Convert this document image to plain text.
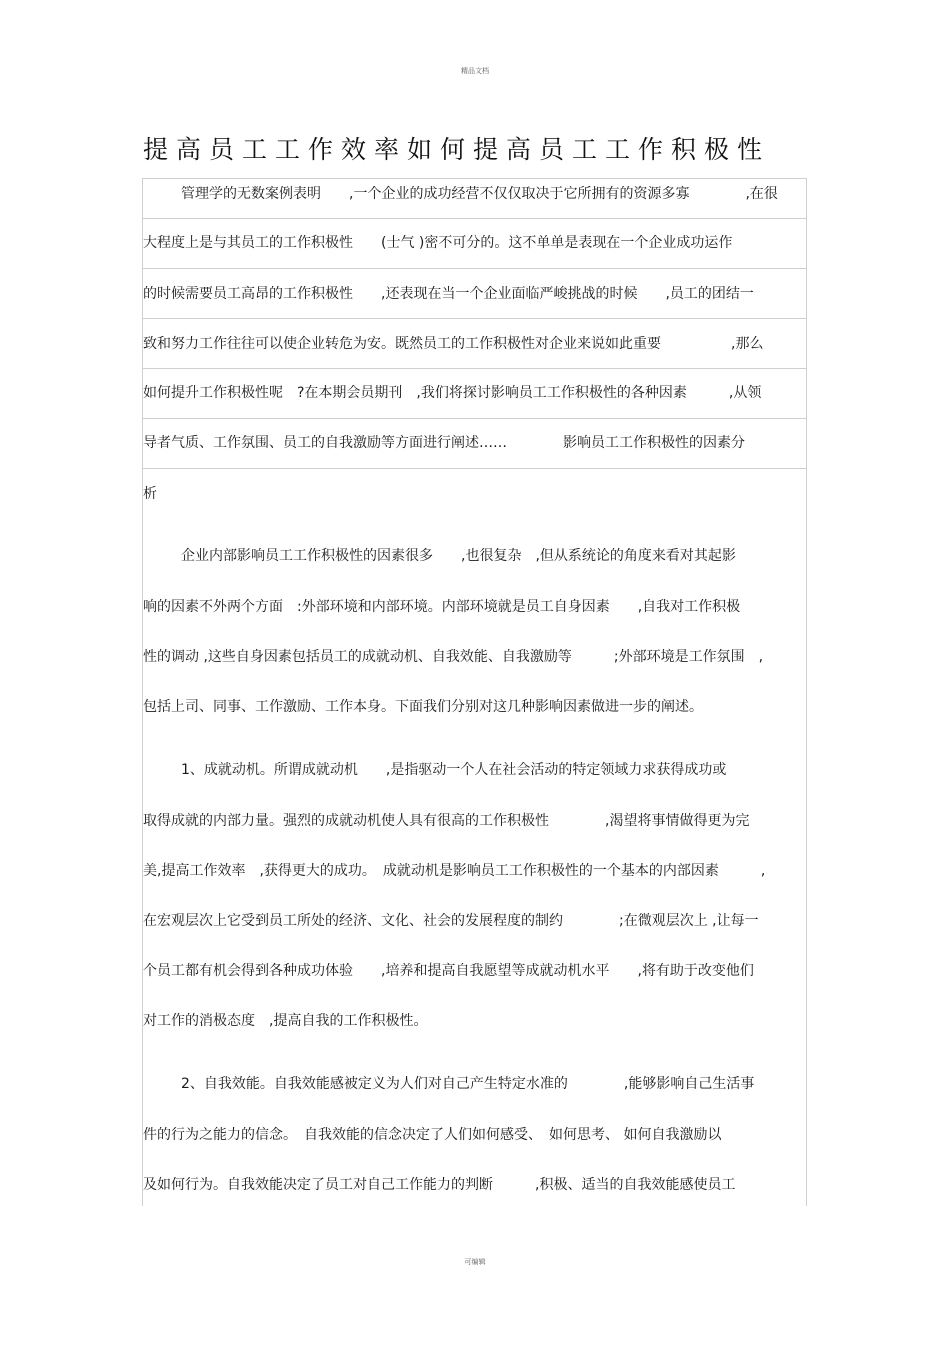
精品文档
提高员工工作效率如何提高员工工作积极性
管理学的无数案例表明　　,一个企业的成功经营不仅仅取决于它所拥有的资源多寡　　　　,在很
大程度上是与其员工的工作积极性　　(士气 )密不可分的。这不单单是表现在一个企业成功运作
的时候需要员工高昂的工作积极性　　,还表现在当一个企业面临严峻挑战的时候　　,员工的团结一
致和努力工作往往可以使企业转危为安。既然员工的工作积极性对企业来说如此重要　　　　　,那么
如何提升工作积极性呢　?在本期会员期刊　,我们将探讨影响员工工作积极性的各种因素　　　,从领
导者气质、工作氛围、员工的自我激励等方面进行阐述……　　　　影响员工工作积极性的因素分
析
企业内部影响员工工作积极性的因素很多　　,也很复杂　,但从系统论的角度来看对其起影
响的因素不外两个方面　:外部环境和内部环境。内部环境就是员工自身因素　　,自我对工作积极
性的调动 ,这些自身因素包括员工的成就动机、自我效能、自我激励等　　　;外部环境是工作氛围　,
包括上司、同事、工作激励、工作本身。下面我们分别对这几种影响因素做进一步的阐述。
1、成就动机。所谓成就动机　　,是指驱动一个人在社会活动的特定领域力求获得成功或
取得成就的内部力量。强烈的成就动机使人具有很高的工作积极性　　　　,渴望将事情做得更为完
美,提高工作效率　,获得更大的成功。　成就动机是影响员工工作积极性的一个基本的内部因素　　　,
在宏观层次上它受到员工所处的经济、文化、社会的发展程度的制约　　　　;在微观层次上 ,让每一
个员工都有机会得到各种成功体验　　,培养和提高自我愿望等成就动机水平　　,将有助于改变他们
对工作的消极态度　,提高自我的工作积极性。
2、自我效能。自我效能感被定义为人们对自己产生特定水准的　　　　,能够影响自己生活事
件的行为之能力的信念。　自我效能的信念决定了人们如何感受、　如何思考、 如何自我激励以
及如何行为。自我效能决定了员工对自己工作能力的判断　　　,积极、适当的自我效能感使员工
可编辑
